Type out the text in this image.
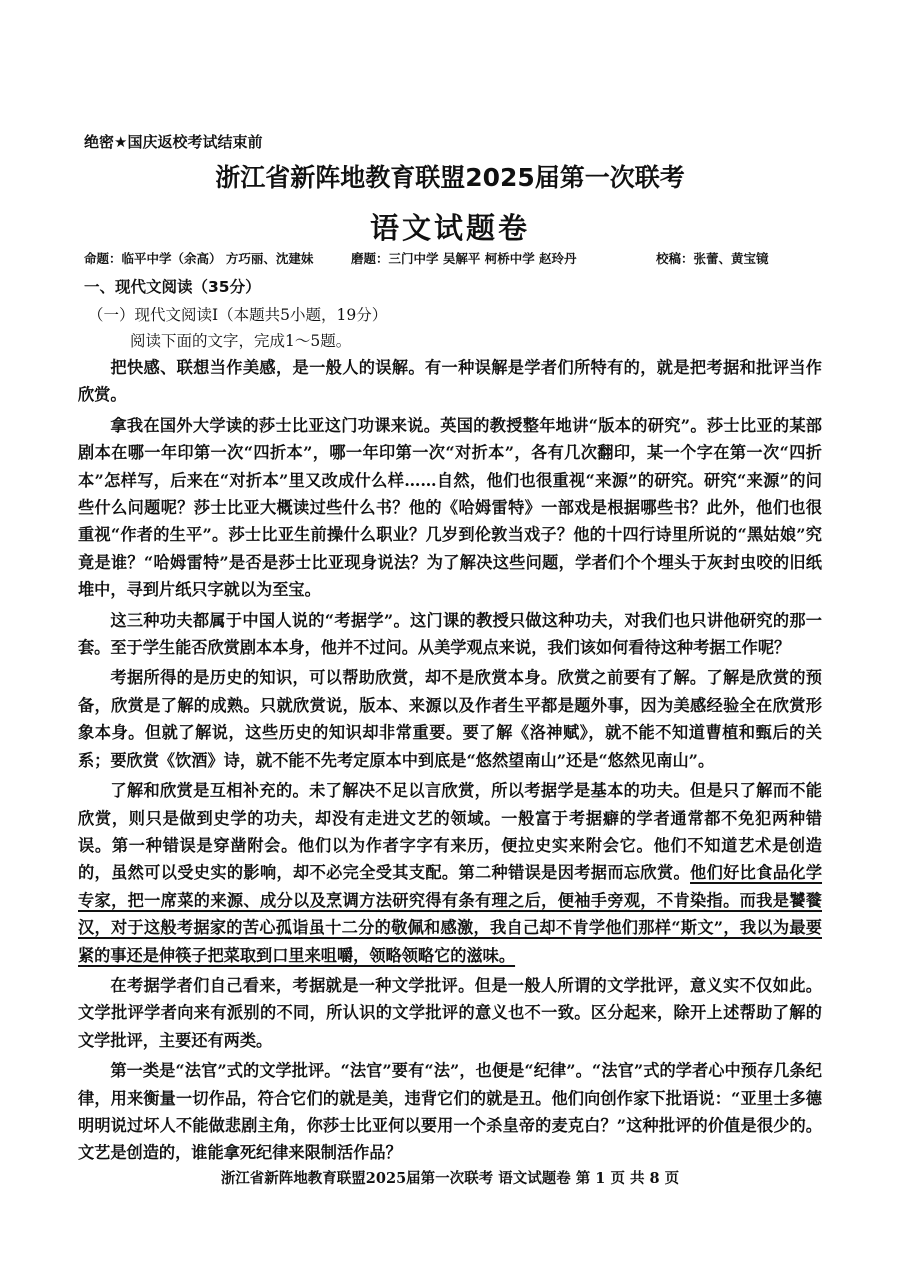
绝密★国庆返校考试结束前
浙江省新阵地教育联盟2025届第一次联考
语文试题卷
命题：临平中学（余高） 方巧丽、沈建妹	磨题：三门中学 吴解平 柯桥中学 赵玲丹	校稿：张蕾、黄宝镜
一、现代文阅读（35分）
（一）现代文阅读Ⅰ（本题共5小题，19分）
阅读下面的文字，完成1～5题。

把快感、联想当作美感，是一般人的误解。有一种误解是学者们所特有的，就是把考据和批评当作欣赏。

拿我在国外大学读的莎士比亚这门功课来说。英国的教授整年地讲“版本的研究”。莎士比亚的某部剧本在哪一年印第一次“四折本”，哪一年印第一次“对折本”，各有几次翻印，某一个字在第一次“四折本”怎样写，后来在“对折本”里又改成什么样……自然，他们也很重视“来源”的研究。研究“来源”的问些什么问题呢？莎士比亚大概读过些什么书？他的《哈姆雷特》一部戏是根据哪些书？此外，他们也很重视“作者的生平”。莎士比亚生前操什么职业？几岁到伦敦当戏子？他的十四行诗里所说的“黑姑娘”究竟是谁？“哈姆雷特”是否是莎士比亚现身说法？为了解决这些问题，学者们个个埋头于灰封虫咬的旧纸堆中，寻到片纸只字就以为至宝。

这三种功夫都属于中国人说的“考据学”。这门课的教授只做这种功夫，对我们也只讲他研究的那一套。至于学生能否欣赏剧本本身，他并不过问。从美学观点来说，我们该如何看待这种考据工作呢？

考据所得的是历史的知识，可以帮助欣赏，却不是欣赏本身。欣赏之前要有了解。了解是欣赏的预备，欣赏是了解的成熟。只就欣赏说，版本、来源以及作者生平都是题外事，因为美感经验全在欣赏形象本身。但就了解说，这些历史的知识却非常重要。要了解《洛神赋》，就不能不知道曹植和甄后的关系；要欣赏《饮酒》诗，就不能不先考定原本中到底是“悠然望南山”还是“悠然见南山”。

了解和欣赏是互相补充的。未了解决不足以言欣赏，所以考据学是基本的功夫。但是只了解而不能欣赏，则只是做到史学的功夫，却没有走进文艺的领域。一般富于考据癖的学者通常都不免犯两种错误。第一种错误是穿凿附会。他们以为作者字字有来历，便拉史实来附会它。他们不知道艺术是创造的，虽然可以受史实的影响，却不必完全受其支配。第二种错误是因考据而忘欣赏。他们好比食品化学专家，把一席菜的来源、成分以及烹调方法研究得有条有理之后，便袖手旁观，不肯染指。而我是饕餮汉，对于这般考据家的苦心孤诣虽十二分的敬佩和感激，我自己却不肯学他们那样“斯文”，我以为最要紧的事还是伸筷子把菜取到口里来咀嚼，领略领略它的滋味。

在考据学者们自己看来，考据就是一种文学批评。但是一般人所谓的文学批评，意义实不仅如此。文学批评学者向来有派别的不同，所认识的文学批评的意义也不一致。区分起来，除开上述帮助了解的文学批评，主要还有两类。

第一类是“法官”式的文学批评。“法官”要有“法”，也便是“纪律”。“法官”式的学者心中预存几条纪律，用来衡量一切作品，符合它们的就是美，违背它们的就是丑。他们向创作家下批语说：“亚里士多德明明说过坏人不能做悲剧主角，你莎士比亚何以要用一个杀皇帝的麦克白？”这种批评的价值是很少的。文艺是创造的，谁能拿死纪律来限制活作品？

浙江省新阵地教育联盟2025届第一次联考 语文试题卷 第 1 页 共 8 页
